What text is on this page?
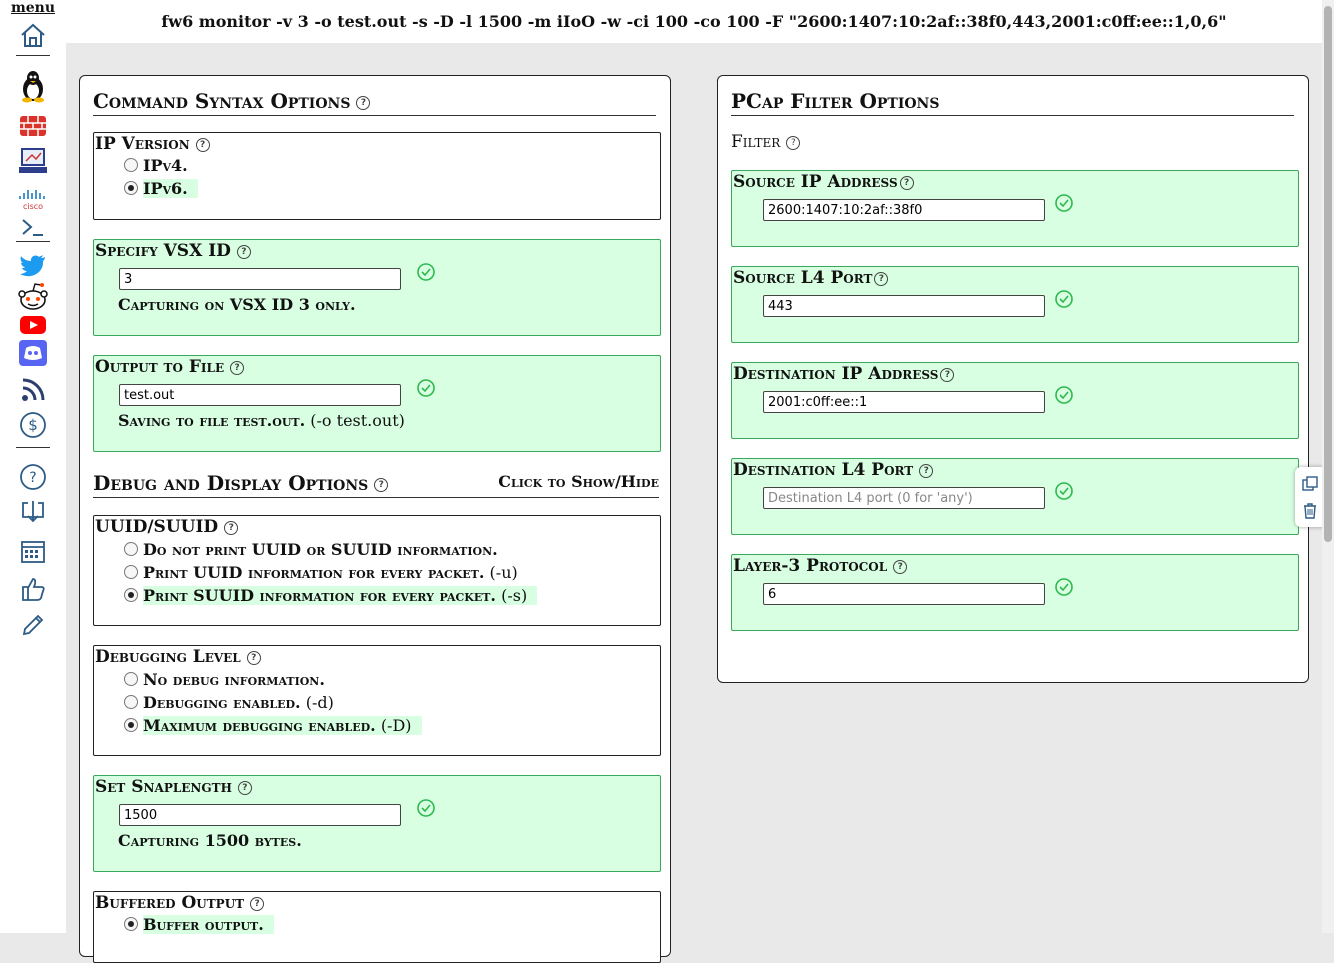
menu
cisco
$
?
fw6 monitor -v 3 -o test.out -s -D -l 1500 -m iIoO -w -ci 100 -co 100 -F "2600:1407:10:2af::38f0,443,2001:c0ff:ee::1,0,6"
Command Syntax Options ?
IP Version ?
IPv4.
IPv6.
Specify VSX ID ?
3
Capturing on VSX ID 3 only.
Output to File ?
test.out
Saving to file test.out. (-o test.out)
Debug and Display Options ?	Click to Show/Hide
UUID/SUUID ?
Do not print UUID or SUUID information.
Print UUID information for every packet. (-u)
Print SUUID information for every packet. (-s)
Debugging Level ?
No debug information.
Debugging enabled. (-d)
Maximum debugging enabled. (-D)
Set Snaplength ?
1500
Capturing 1500 bytes.
Buffered Output ?
Buffer output.
PCap Filter Options
Filter ?
Source IP Address ?
2600:1407:10:2af::38f0
Source L4 Port ?
443
Destination IP Address ?
2001:c0ff:ee::1
Destination L4 Port ?
Destination L4 port (0 for 'any')
Layer-3 Protocol ?
6
